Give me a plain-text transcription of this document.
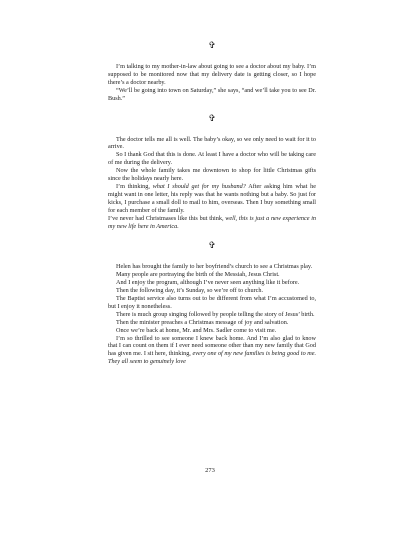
✞

I’m talking to my mother-in-law about going to see a doctor about my baby. I’m supposed to be monitored now that my delivery date is getting closer, so I hope there’s a doctor nearby.

“We’ll be going into town on Saturday,” she says, “and we’ll take you to see Dr. Bush.”

✞

The doctor tells me all is well. The baby’s okay, so we only need to wait for it to arrive.

So I thank God that this is done. At least I have a doctor who will be taking care of me during the delivery.

Now the whole family takes me downtown to shop for little Christmas gifts since the holidays nearly here.

I’m thinking, what I should get for my husband? After asking him what he might want in one letter, his reply was that he wants nothing but a baby. So just for kicks, I purchase a small doll to mail to him, overseas. Then I buy something small for each member of the family.

I’ve never had Christmases like this but think, well, this is just a new experience in my new life here in America.

✞

Helen has brought the family to her boyfriend’s church to see a Christmas play.

Many people are portraying the birth of the Messiah, Jesus Christ.

And I enjoy the program, although I’ve never seen anything like it before.

Then the following day, it’s Sunday, so we’re off to church.

The Baptist service also turns out to be different from what I’m accustomed to, but I enjoy it nonetheless.

There is much group singing followed by people telling the story of Jesus’ birth.

Then the minister preaches a Christmas message of joy and salvation.

Once we’re back at home, Mr. and Mrs. Sadler come to visit me.

I’m so thrilled to see someone I knew back home. And I’m also glad to know that I can count on them if I ever need someone other than my new family that God has given me. I sit here, thinking, every one of my new families is being good to me. They all seem to genuinely love

273
